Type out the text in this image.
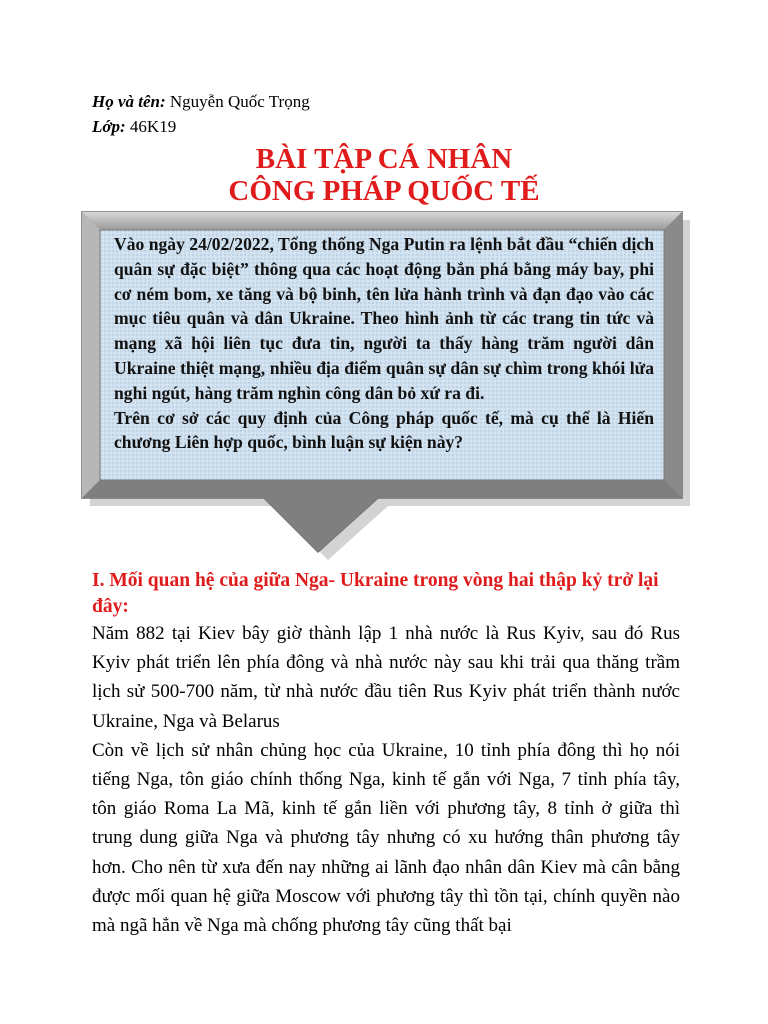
Họ và tên: Nguyễn Quốc Trọng
Lớp: 46K19
BÀI TẬP CÁ NHÂN
CÔNG PHÁP QUỐC TẾ

Vào ngày 24/02/2022, Tổng thống Nga Putin ra lệnh bắt đầu “chiến dịch quân sự đặc biệt” thông qua các hoạt động bắn phá bằng máy bay, phi cơ ném bom, xe tăng và bộ binh, tên lửa hành trình và đạn đạo vào các mục tiêu quân và dân Ukraine. Theo hình ảnh từ các trang tin tức và mạng xã hội liên tục đưa tin, người ta thấy hàng trăm người dân Ukraine thiệt mạng, nhiều địa điểm quân sự dân sự chìm trong khói lửa nghi ngút, hàng trăm nghìn công dân bỏ xứ ra đi.

Trên cơ sở các quy định của Công pháp quốc tế, mà cụ thể là Hiến chương Liên hợp quốc, bình luận sự kiện này?

I. Mối quan hệ của giữa Nga- Ukraine trong vòng hai thập kỷ trở lại đây:

Năm 882 tại Kiev bây giờ thành lập 1 nhà nước là Rus Kyiv, sau đó Rus Kyiv phát triển lên phía đông và nhà nước này sau khi trải qua thăng trầm lịch sử 500-700 năm, từ nhà nước đầu tiên Rus Kyiv phát triển thành nước Ukraine, Nga và Belarus

Còn về lịch sử nhân chủng học của Ukraine, 10 tỉnh phía đông thì họ nói tiếng Nga, tôn giáo chính thống Nga, kinh tế gắn với Nga, 7 tỉnh phía tây, tôn giáo Roma La Mã, kinh tế gắn liền với phương tây, 8 tỉnh ở giữa thì trung dung giữa Nga và phương tây nhưng có xu hướng thân phương tây hơn. Cho nên từ xưa đến nay những ai lãnh đạo nhân dân Kiev mà cân bằng được mối quan hệ giữa Moscow với phương tây thì tồn tại, chính quyền nào mà ngã hẳn về Nga mà chống phương tây cũng thất bại
